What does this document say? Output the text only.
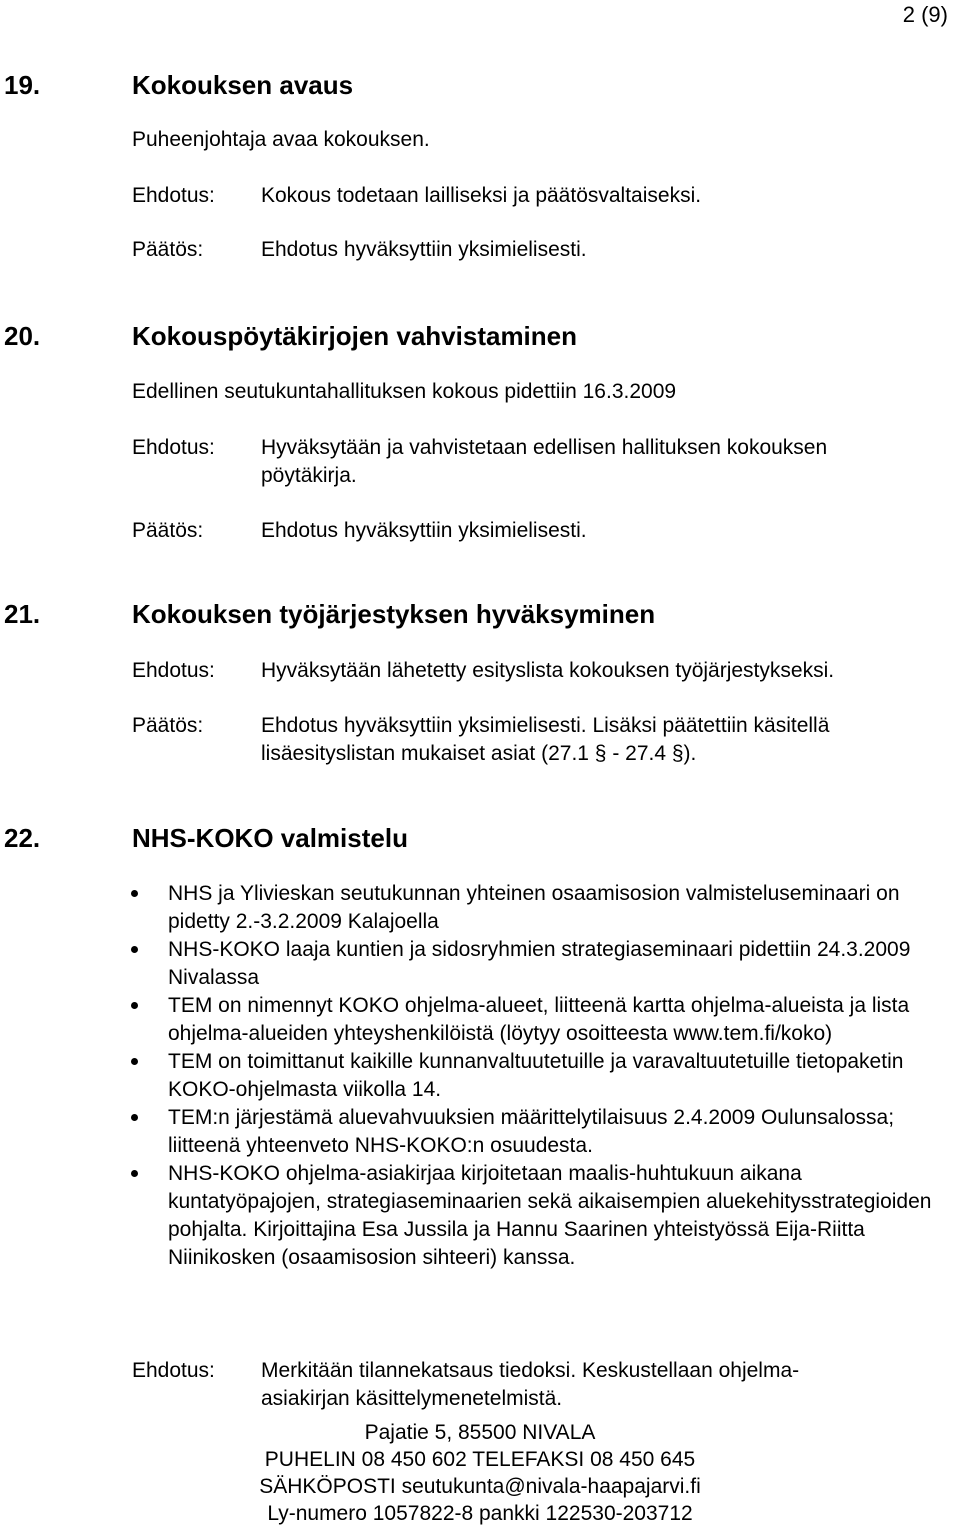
2 (9)
19.	Kokouksen avaus
Puheenjohtaja avaa kokouksen.
Ehdotus: Kokous todetaan lailliseksi ja päätösvaltaiseksi.
Päätös:	Ehdotus hyväksyttiin yksimielisesti.
20.	Kokouspöytäkirjojen vahvistaminen
Edellinen seutukuntahallituksen kokous pidettiin 16.3.2009
Ehdotus: Hyväksytään ja vahvistetaan edellisen hallituksen kokouksen
pöytäkirja.
Päätös:	Ehdotus hyväksyttiin yksimielisesti.
21.	Kokouksen työjärjestyksen hyväksyminen
Ehdotus: Hyväksytään lähetetty esityslista kokouksen työjärjestykseksi.
Päätös:	Ehdotus hyväksyttiin yksimielisesti. Lisäksi päätettiin käsitellä
lisäesityslistan mukaiset asiat (27.1 § - 27.4 §).
22.	NHS-KOKO valmistelu
NHS ja Ylivieskan seutukunnan yhteinen osaamisosion valmisteluseminaari on pidetty 2.-3.2.2009 Kalajoella
NHS-KOKO laaja kuntien ja sidosryhmien strategiaseminaari pidettiin 24.3.2009 Nivalassa
TEM on nimennyt KOKO ohjelma-alueet, liitteenä kartta ohjelma-alueista ja lista ohjelma-alueiden yhteyshenkilöistä (löytyy osoitteesta www.tem.fi/koko)
TEM on toimittanut kaikille kunnanvaltuutetuille ja varavaltuutetuille tietopaketin KOKO-ohjelmasta viikolla 14.
TEM:n järjestämä aluevahvuuksien määrittelytilaisuus 2.4.2009 Oulunsalossa; liitteenä yhteenveto NHS-KOKO:n osuudesta.
NHS-KOKO ohjelma-asiakirjaa kirjoitetaan maalis-huhtukuun aikana kuntatyöpajojen, strategiaseminaarien sekä aikaisempien aluekehitysstrategioiden pohjalta. Kirjoittajina Esa Jussila ja Hannu Saarinen yhteistyössä Eija-Riitta Niinikosken (osaamisosion sihteeri) kanssa.
Ehdotus: Merkitään tilannekatsaus tiedoksi. Keskustellaan ohjelma-
asiakirjan käsittelymenetelmistä.
Pajatie 5, 85500 NIVALA
PUHELIN 08 450 602 TELEFAKSI 08 450 645
SÄHKÖPOSTI seutukunta@nivala-haapajarvi.fi
Ly-numero 1057822-8 pankki 122530-203712
